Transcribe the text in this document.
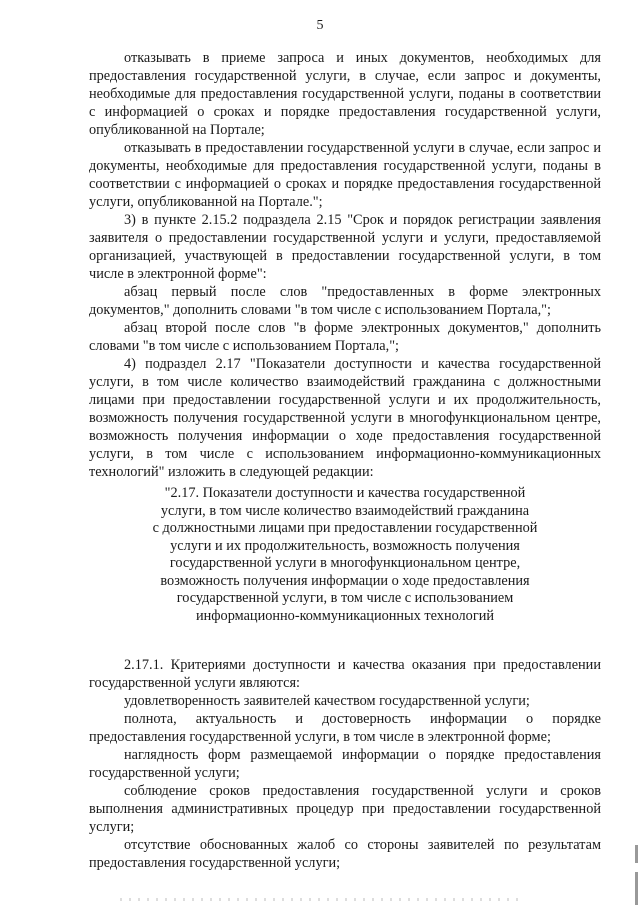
5

отказывать в приеме запроса и иных документов, необходимых для предоставления государственной услуги, в случае, если запрос и документы, необходимые для предоставления государственной услуги, поданы в соответствии с информацией о сроках и порядке предоставления государственной услуги, опубликованной на Портале;

отказывать в предоставлении государственной услуги в случае, если запрос и документы, необходимые для предоставления государственной услуги, поданы в соответствии с информацией о сроках и порядке предоставления государственной услуги, опубликованной на Портале.";

3) в пункте 2.15.2 подраздела 2.15 "Срок и порядок регистрации заявления заявителя о предоставлении государственной услуги и услуги, предоставляемой организацией, участвующей в предоставлении государственной услуги, в том числе в электронной форме":

абзац первый после слов "предоставленных в форме электронных документов," дополнить словами "в том числе с использованием Портала,";

абзац второй после слов "в форме электронных документов," дополнить словами "в том числе с использованием Портала,";

4) подраздел 2.17 "Показатели доступности и качества государственной услуги, в том числе количество взаимодействий гражданина с должностными лицами при предоставлении государственной услуги и их продолжительность, возможность получения государственной услуги в многофункциональном центре, возможность получения информации о ходе предоставления государственной услуги, в том числе с использованием информационно-коммуникационных технологий" изложить в следующей редакции:

"2.17. Показатели доступности и качества государственной
услуги, в том числе количество взаимодействий гражданина
с должностными лицами при предоставлении государственной
услуги и их продолжительность, возможность получения
государственной услуги в многофункциональном центре,
возможность получения информации о ходе предоставления
государственной услуги, в том числе с использованием
информационно-коммуникационных технологий

2.17.1. Критериями доступности и качества оказания при предоставлении государственной услуги являются:

удовлетворенность заявителей качеством государственной услуги;

полнота, актуальность и достоверность информации о порядке предоставления государственной услуги, в том числе в электронной форме;

наглядность форм размещаемой информации о порядке предоставления государственной услуги;

соблюдение сроков предоставления государственной услуги и сроков выполнения административных процедур при предоставлении государственной услуги;

отсутствие обоснованных жалоб со стороны заявителей по результатам предоставления государственной услуги;
